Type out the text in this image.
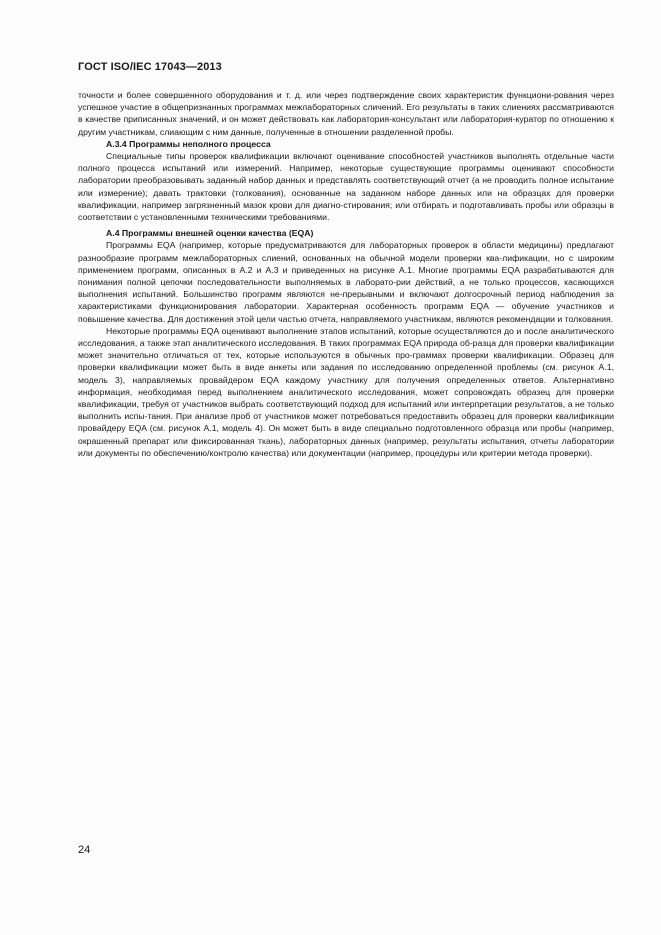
ГОСТ ISO/IEC 17043—2013

точности и более совершенного оборудования и т. д. или через подтверждение своих характеристик функциони-рования через успешное участие в общепризнанных программах межлабораторных сличений. Его результаты в таких слиениях рассматриваются в качестве приписанных значений, и он может действовать как лаборатория-консультант или лаборатория-куратор по отношению к другим участникам, слиающим с ним данные, полученные в отношении разделенной пробы.

А.3.4 Программы неполного процесса

Специальные типы проверок квалификации включают оценивание способностей участников выполнять отдельные части полного процесса испытаний или измерений. Например, некоторые существующие программы оценивают способности лаборатории преобразовывать заданный набор данных и представлять соответствующий отчет (а не проводить полное испытание или измерение); давать трактовки (толкования), основанные на заданном наборе данных или на образцах для проверки квалификации, например загрязненный мазок крови для диагно-стирования; или отбирать и подготавливать пробы или образцы в соответствии с установленными техническими требованиями.

А.4 Программы внешней оценки качества (EQA)

Программы EQA (например, которые предусматриваются для лабораторных проверок в области медицины) предлагают разнообразие программ межлабораторных слиений, основанных на обычной модели проверки ква-лификации, но с широким применением программ, описанных в А.2 и А.3 и приведенных на рисунке А.1. Многие программы EQA разрабатываются для понимания полной цепочки последовательности выполняемых в лаборато-рии действий, а не только процессов, касающихся выполнения испытаний. Большинство программ являются не-прерывными и включают долгосрочный период наблюдения за характеристиками функционирования лаборатории. Характерная особенность программ EQA — обучение участников и повышение качества. Для достижения этой цели частью отчета, направляемого участникам, являются рекомендации и толкования.

Некоторые программы EQA оценивают выполнение этапов испытаний, которые осуществляются до и после аналитического исследования, а также этап аналитического исследования. В таких программах EQA природа об-разца для проверки квалификации может значительно отличаться от тех, которые используются в обычных про-граммах проверки квалификации. Образец для проверки квалификации может быть в виде анкеты или задания по исследованию определенной проблемы (см. рисунок А.1, модель 3), направляемых провайдером EQA каждому участнику для получения определенных ответов. Альтернативно информация, необходимая перед выполнением аналитического исследования, может сопровождать образец для проверки квалификации, требуя от участников выбрать соответствующий подход для испытаний или интерпретации результатов, а не только выполнить испы-тания. При анализе проб от участников может потребоваться предоставить образец для проверки квалификации провайдеру EQA (см. рисунок А.1, модель 4). Он может быть в виде специально подготовленного образца или пробы (например, окрашенный препарат или фиксированная ткань), лабораторных данных (например, результаты испытания, отчеты лаборатории или документы по обеспечению/контролю качества) или документации (например, процедуры или критерии метода проверки).

24
